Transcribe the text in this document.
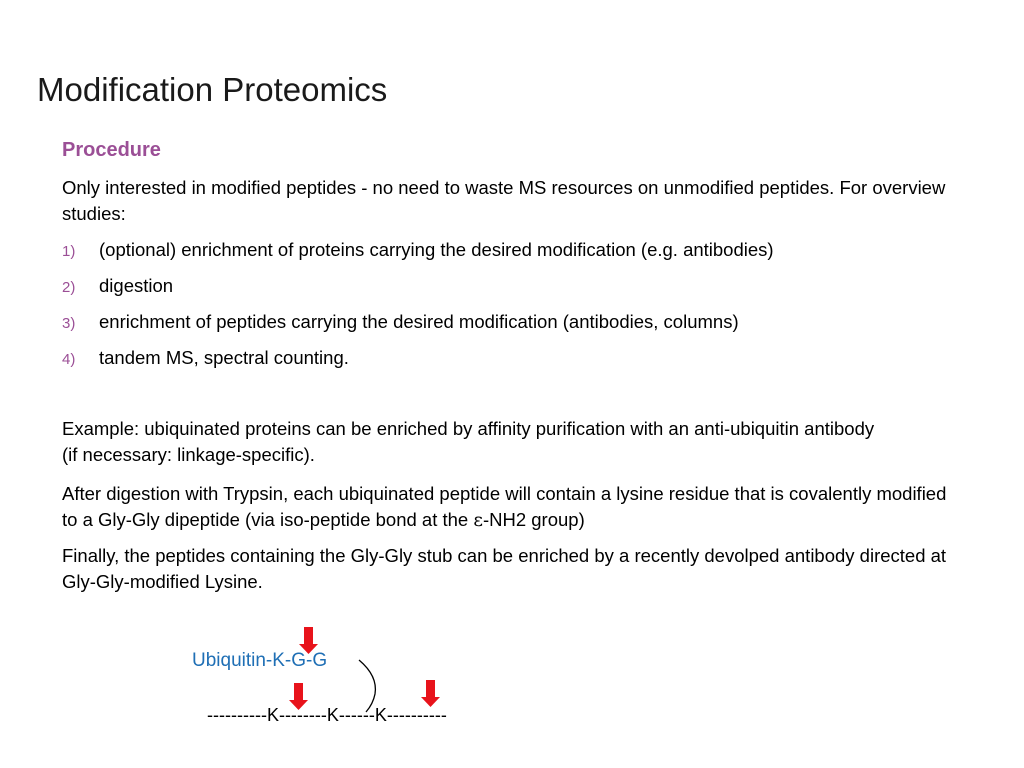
Modification Proteomics
Procedure
Only interested in modified peptides - no need to waste MS resources on unmodified peptides. For overview studies:
1) (optional) enrichment of proteins carrying the desired modification (e.g. antibodies)
2) digestion
3) enrichment of peptides carrying the desired modification (antibodies, columns)
4) tandem MS, spectral counting.
Example: ubiquinated proteins can be enriched by affinity purification with an anti-ubiquitin antibody (if necessary: linkage-specific).
After digestion with Trypsin, each ubiquinated peptide will contain a lysine residue that is covalently modified to a Gly-Gly dipeptide (via iso-peptide bond at the ε-NH2 group)
Finally, the peptides containing the Gly-Gly stub can be enriched by a recently devolped antibody directed at Gly-Gly-modified Lysine.
Ubiquitin-K-G-G
----------K--------K------K----------
